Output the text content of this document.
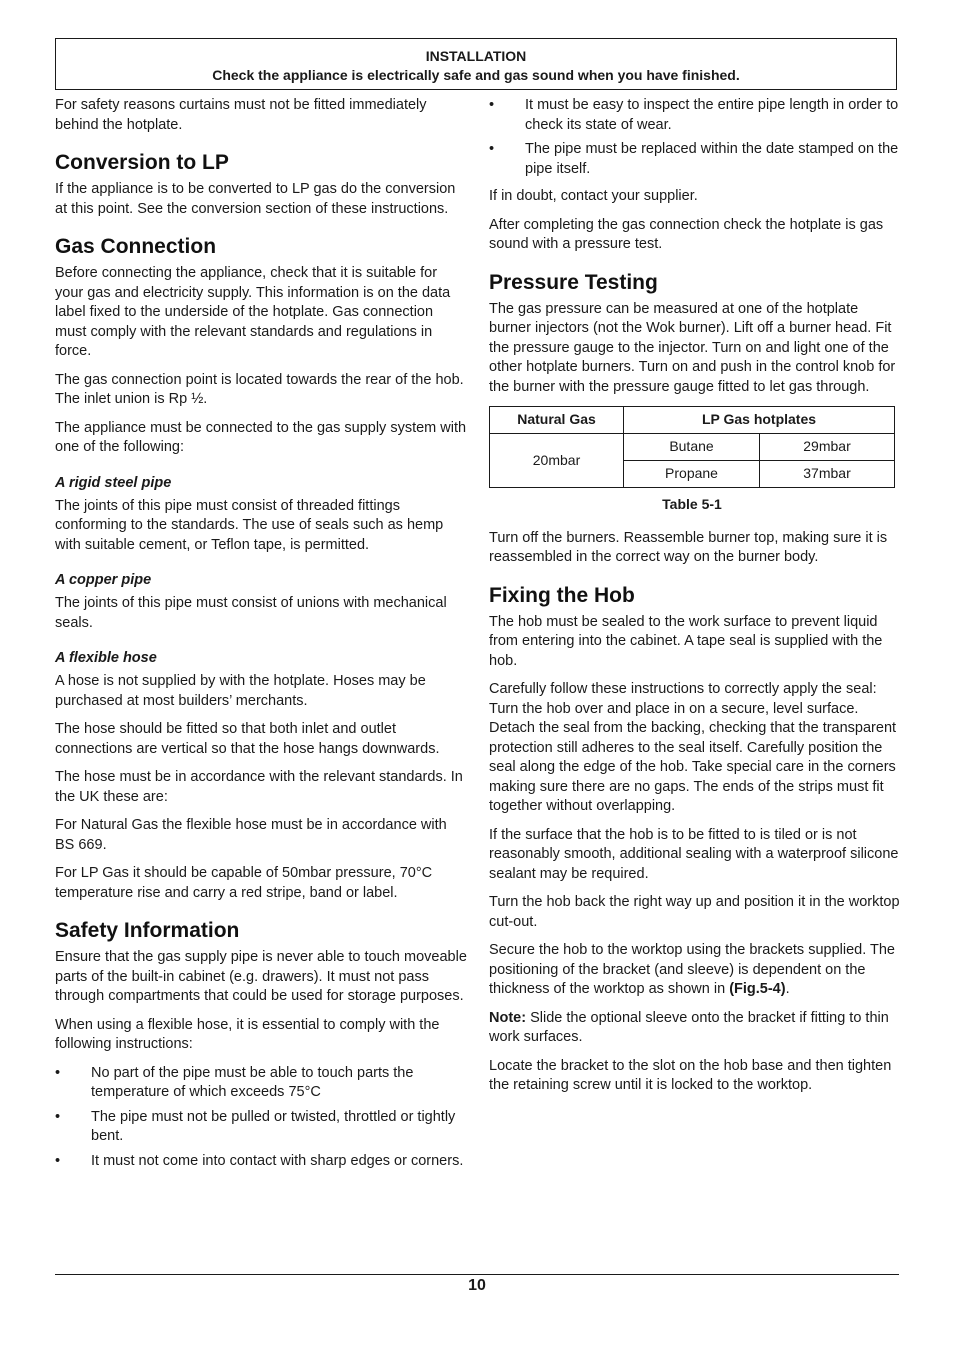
INSTALLATION
Check the appliance is electrically safe and gas sound when you have finished.

For safety reasons curtains must not be fitted immediately behind the hotplate.

Conversion to LP

If the appliance is to be converted to LP gas do the conversion at this point. See the conversion section of these instructions.

Gas Connection

Before connecting the appliance, check that it is suitable for your gas and electricity supply. This information is on the data label fixed to the underside of the hotplate. Gas connection must comply with the relevant standards and regulations in force.

The gas connection point is located towards the rear of the hob. The inlet union is Rp ½.

The appliance must be connected to the gas supply system with one of the following:

A rigid steel pipe

The joints of this pipe must consist of threaded fittings conforming to the standards. The use of seals such as hemp with suitable cement, or Teflon tape, is permitted.

A copper pipe

The joints of this pipe must consist of unions with mechanical seals.

A flexible hose

A hose is not supplied by with the hotplate. Hoses may be purchased at most builders’ merchants.

The hose should be fitted so that both inlet and outlet connections are vertical so that the hose hangs downwards.

The hose must be in accordance with the relevant standards. In the UK these are:

For Natural Gas the flexible hose must be in accordance with BS 669.

For LP Gas it should be capable of 50mbar pressure, 70°C temperature rise and carry a red stripe, band or label.

Safety Information

Ensure that the gas supply pipe is never able to touch moveable parts of the built-in cabinet (e.g. drawers). It must not pass through compartments that could be used for storage purposes.

When using a flexible hose, it is essential to comply with the following instructions:

•	No part of the pipe must be able to touch parts the temperature of which exceeds 75°C
•	The pipe must not be pulled or twisted, throttled or tightly bent.
•	It must not come into contact with sharp edges or corners.
•	It must be easy to inspect the entire pipe length in order to check its state of wear.
•	The pipe must be replaced within the date stamped on the pipe itself.

If in doubt, contact your supplier.

After completing the gas connection check the hotplate is gas sound with a pressure test.

Pressure Testing

The gas pressure can be measured at one of the hotplate burner injectors (not the Wok burner). Lift off a burner head. Fit the pressure gauge to the injector. Turn on and light one of the other hotplate burners. Turn on and push in the control knob for the burner with the pressure gauge fitted to let gas through.

Natural Gas	LP Gas hotplates	
20mbar	Butane	29mbar
	Propane	37mbar
Table 5-1

Turn off the burners. Reassemble burner top, making sure it is reassembled in the correct way on the burner body.

Fixing the Hob

The hob must be sealed to the work surface to prevent liquid from entering into the cabinet. A tape seal is supplied with the hob.

Carefully follow these instructions to correctly apply the seal: Turn the hob over and place in on a secure, level surface. Detach the seal from the backing, checking that the transparent protection still adheres to the seal itself. Carefully position the seal along the edge of the hob. Take special care in the corners making sure there are no gaps. The ends of the strips must fit together without overlapping.

If the surface that the hob is to be fitted to is tiled or is not reasonably smooth, additional sealing with a waterproof silicone sealant may be required.

Turn the hob back the right way up and position it in the worktop cut-out.

Secure the hob to the worktop using the brackets supplied. The positioning of the bracket (and sleeve) is dependent on the thickness of the worktop as shown in (Fig.5-4).

Note: Slide the optional sleeve onto the bracket if fitting to thin work surfaces.

Locate the bracket to the slot on the hob base and then tighten the retaining screw until it is locked to the worktop.

10
